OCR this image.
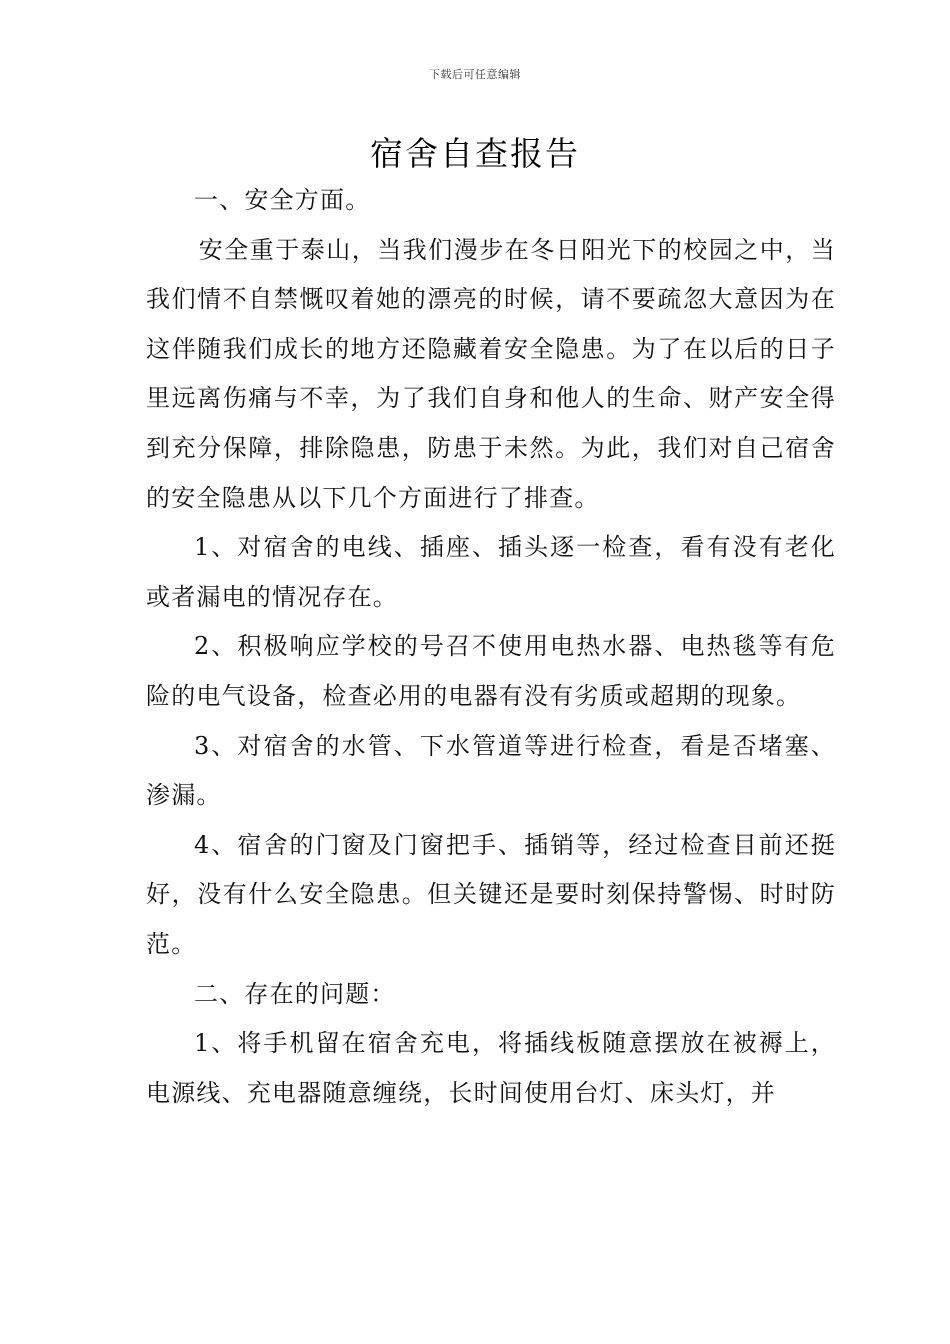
下载后可任意编辑
宿舍自查报告

一、安全方面。

安全重于泰山，当我们漫步在冬日阳光下的校园之中，当我们情不自禁慨叹着她的漂亮的时候，请不要疏忽大意因为在这伴随我们成长的地方还隐藏着安全隐患。为了在以后的日子里远离伤痛与不幸，为了我们自身和他人的生命、财产安全得到充分保障，排除隐患，防患于未然。为此，我们对自己宿舍的安全隐患从以下几个方面进行了排查。

1、对宿舍的电线、插座、插头逐一检查，看有没有老化或者漏电的情况存在。

2、积极响应学校的号召不使用电热水器、电热毯等有危险的电气设备，检查必用的电器有没有劣质或超期的现象。

3、对宿舍的水管、下水管道等进行检查，看是否堵塞、渗漏。

4、宿舍的门窗及门窗把手、插销等，经过检查目前还挺好，没有什么安全隐患。但关键还是要时刻保持警惕、时时防范。

二、存在的问题：

1、将手机留在宿舍充电，将插线板随意摆放在被褥上，电源线、充电器随意缠绕，长时间使用台灯、床头灯，并
